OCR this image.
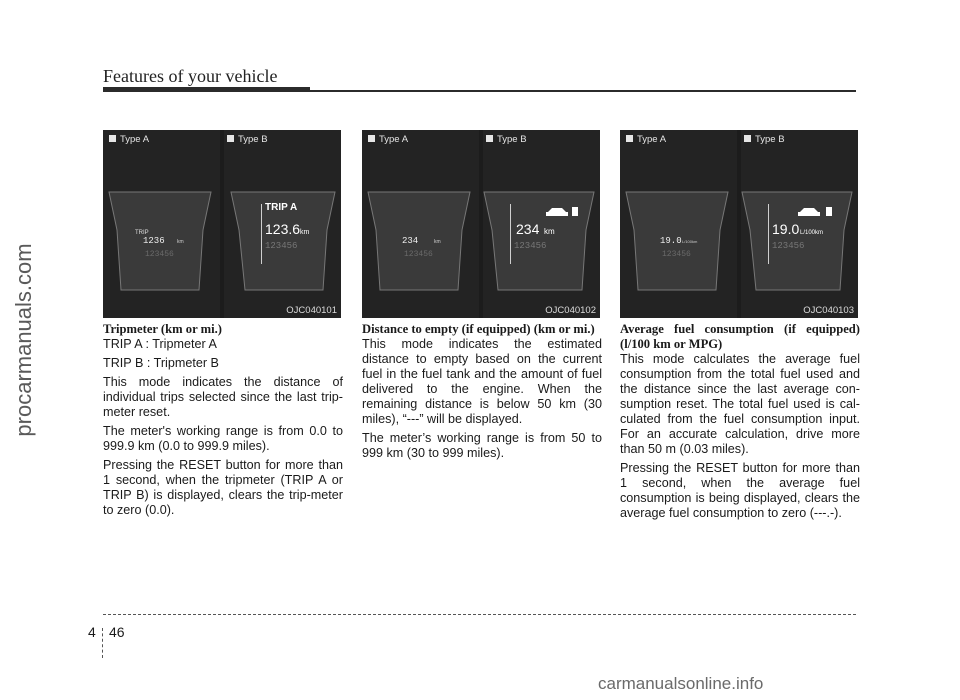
Features of your vehicle
procarmanuals.com
TRIP
1236 km
123456
TRIP A
123.6 km
123456
Type A	Type B
OJC040101
234	km
123456
234 km
123456
Type A	Type B
OJC040102
19.0 L/100km
123456
19.0 L/100km
123456
Type A	Type B
OJC040103

Tripmeter (km or mi.)

TRIP A : Tripmeter A

TRIP B : Tripmeter B

This mode indicates the distance of individual trips selected since the last trip-meter reset.

The meter's working range is from 0.0 to 999.9 km (0.0 to 999.9 miles).

Pressing the RESET button for more than 1 second, when the tripmeter (TRIP A or TRIP B) is displayed, clears the trip-meter to zero (0.0).

Distance to empty (if equipped) (km or mi.)

This mode indicates the estimated distance to empty based on the current fuel in the fuel tank and the amount of fuel delivered to the engine. When the remaining distance is below 50 km (30 miles), “---” will be displayed.

The meter’s working range is from 50 to 999 km (30 to 999 miles).

Average fuel consumption (if equipped) (l/100 km or MPG)

This mode calculates the average fuel consumption from the total fuel used and the distance since the last average con-sumption reset. The total fuel used is cal-culated from the fuel consumption input. For an accurate calculation, drive more than 50 m (0.03 miles).

Pressing the RESET button for more than 1 second, when the average fuel consumption is being displayed, clears the average fuel consumption to zero (---.-).

4 46
carmanualsonline.info
